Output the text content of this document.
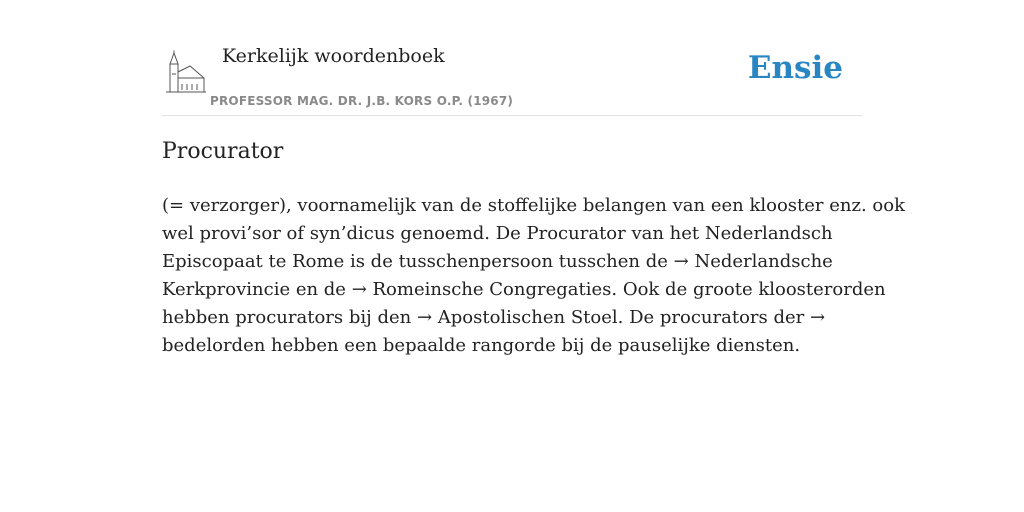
Kerkelijk woordenboek
PROFESSOR MAG. DR. J.B. KORS O.P. (1967)
Ensie
Procurator
(= verzorger), voornamelijk van de stoffelijke belangen van een klooster enz. ook
wel provi’sor of syn’dicus genoemd. De Procurator van het Nederlandsch
Episcopaat te Rome is de tusschenpersoon tusschen de → Nederlandsche
Kerkprovincie en de → Romeinsche Congregaties. Ook de groote kloosterorden
hebben procurators bij den → Apostolischen Stoel. De procurators der →
bedelorden hebben een bepaalde rangorde bij de pauselijke diensten.
